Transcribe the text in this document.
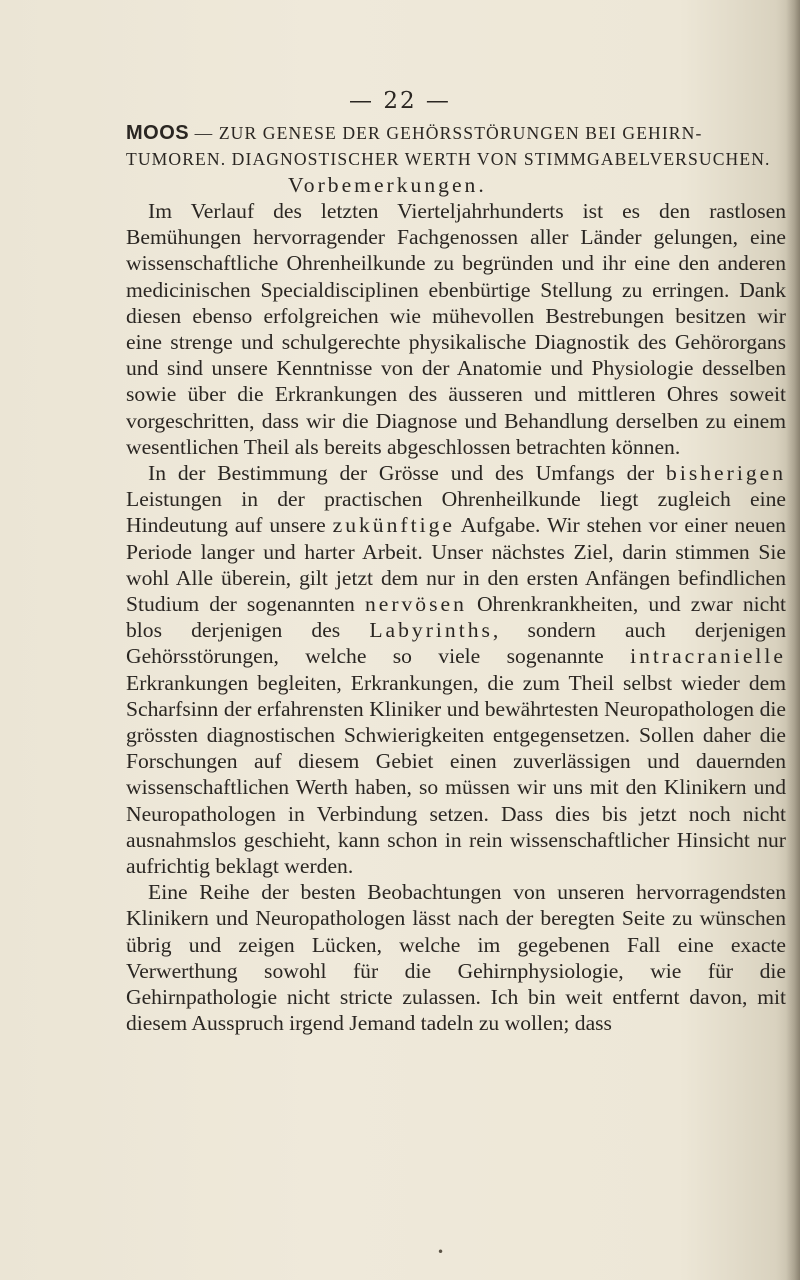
— 22 —

MOOS — ZUR GENESE DER GEHÖRSSTÖRUNGEN BEI GEHIRNTUMOREN. DIAGNOSTISCHER WERTH VON STIMMGABELVERSUCHEN.

Vorbemerkungen.

Im Verlauf des letzten Vierteljahrhunderts ist es den rastlosen Bemühungen hervorragender Fachgenossen aller Länder gelungen, eine wissenschaftliche Ohrenheilkunde zu begründen und ihr eine den anderen medicinischen Specialdisciplinen ebenbürtige Stellung zu erringen. Dank diesen ebenso erfolgreichen wie mühevollen Bestrebungen besitzen wir eine strenge und schulgerechte physikalische Diagnostik des Gehörorgans und sind unsere Kenntnisse von der Anatomie und Physiologie desselben sowie über die Erkrankungen des äusseren und mittleren Ohres soweit vorgeschritten, dass wir die Diagnose und Behandlung derselben zu einem wesentlichen Theil als bereits abgeschlossen betrachten können.

In der Bestimmung der Grösse und des Umfangs der bisherigen Leistungen in der practischen Ohrenheilkunde liegt zugleich eine Hindeutung auf unsere zukünftige Aufgabe. Wir stehen vor einer neuen Periode langer und harter Arbeit. Unser nächstes Ziel, darin stimmen Sie wohl Alle überein, gilt jetzt dem nur in den ersten Anfängen befindlichen Studium der sogenannten nervösen Ohrenkrankheiten, und zwar nicht blos derjenigen des Labyrinths, sondern auch derjenigen Gehörsstörungen, welche so viele sogenannte intracranielle Erkrankungen begleiten, Erkrankungen, die zum Theil selbst wieder dem Scharfsinn der erfahrensten Kliniker und bewährtesten Neuropathologen die grössten diagnostischen Schwierigkeiten entgegensetzen. Sollen daher die Forschungen auf diesem Gebiet einen zuverlässigen und dauernden wissenschaftlichen Werth haben, so müssen wir uns mit den Klinikern und Neuropathologen in Verbindung setzen. Dass dies bis jetzt noch nicht ausnahmslos geschieht, kann schon in rein wissenschaftlicher Hinsicht nur aufrichtig beklagt werden.

Eine Reihe der besten Beobachtungen von unseren hervorragendsten Klinikern und Neuropathologen lässt nach der beregten Seite zu wünschen übrig und zeigen Lücken, welche im gegebenen Fall eine exacte Verwerthung sowohl für die Gehirnphysiologie, wie für die Gehirnpathologie nicht stricte zulassen. Ich bin weit entfernt davon, mit diesem Ausspruch irgend Jemand tadeln zu wollen; dass

•
